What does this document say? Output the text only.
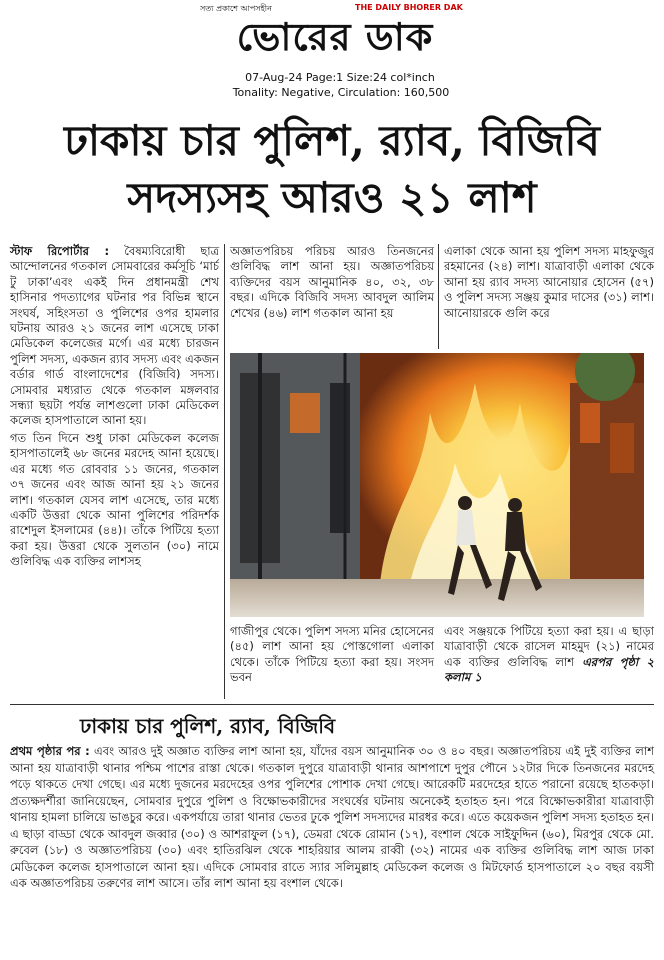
সত্য প্রকাশে আপসহীন	THE DAILY BHORER DAK
ভোরের ডাক
07-Aug-24 Page:1 Size:24 col*inch
Tonality: Negative, Circulation: 160,500
ঢাকায় চার পুলিশ, র‌্যাব, বিজিবি
সদস্যসহ আরও ২১ লাশ

স্টাফ রিপোর্টার : বৈষম্যবিরোধী ছাত্র আন্দোলনের গতকাল সোমবারের কর্মসূচি ‘মার্চ টু ঢাকা’এবং একই দিন প্রধানমন্ত্রী শেখ হাসিনার পদত্যাগের ঘটনার পর বিভিন্ন স্থানে সংঘর্ষ, সহিংসতা ও পুলিশের ওপর হামলার ঘটনায় আরও ২১ জনের লাশ এসেছে ঢাকা মেডিকেল কলেজের মর্গে। এর মধ্যে চারজন পুলিশ সদস্য, একজন র‌্যাব সদস্য এবং একজন বর্ডার গার্ড বাংলাদেশের (বিজিবি) সদস্য। সোমবার মধ্যরাত থেকে গতকাল মঙ্গলবার সন্ধ্যা ছয়টা পর্যন্ত লাশগুলো ঢাকা মেডিকেল কলেজ হাসপাতালে আনা হয়।

গত তিন দিনে শুধু ঢাকা মেডিকেল কলেজ হাসপাতালেই ৬৮ জনের মরদেহ আনা হয়েছে। এর মধ্যে গত রোববার ১১ জনের, গতকাল ৩৭ জনের এবং আজ আনা হয় ২১ জনের লাশ। গতকাল যেসব লাশ এসেছে, তার মধ্যে একটি উত্তরা থেকে আনা পুলিশের পরিদর্শক রাশেদুল ইসলামের (৪৪)। তাঁকে পিটিয়ে হত্যা করা হয়। উত্তরা থেকে সুলতান (৩০) নামে গুলিবিদ্ধ এক ব্যক্তির লাশসহ

অজ্ঞাতপরিচয় পরিচয় আরও তিনজনের গুলিবিদ্ধ লাশ আনা হয়। অজ্ঞাতপরিচয় ব্যক্তিদের বয়স আনুমানিক ৪০, ৩২, ৩৮ বছর। এদিকে বিজিবি সদস্য আবদুল আলিম শেখের (৪৬) লাশ গতকাল আনা হয়
এলাকা থেকে আনা হয় পুলিশ সদস্য মাহফুজুর রহমানের (২৪) লাশ। যাত্রাবাড়ী এলাকা থেকে আনা হয় র‌্যাব সদস্য আনোয়ার হোসেন (৫৭) ও পুলিশ সদস্য সঞ্জয় কুমার দাসের (৩১) লাশ। আনোয়ারকে গুলি করে
গাজীপুর থেকে। পুলিশ সদস্য মনির হোসেনের (৪৫) লাশ আনা হয় পোস্তগোলা এলাকা থেকে। তাঁকে পিটিয়ে হত্যা করা হয়। সংসদ ভবন
এবং সঞ্জয়কে পিটিয়ে হত্যা করা হয়। এ ছাড়া যাত্রাবাড়ী থেকে রাসেল মাহমুদ (২১) নামের এক ব্যক্তির গুলিবিদ্ধ লাশ এরপর পৃষ্ঠা ২ কলাম ১
ঢাকায় চার পুলিশ, র‌্যাব, বিজিবি
প্রথম পৃষ্ঠার পর : এবং আরও দুই অজ্ঞাত ব্যক্তির লাশ আনা হয়, যাঁদের বয়স আনুমানিক ৩০ ও ৪০ বছর। অজ্ঞাতপরিচয় এই দুই ব্যক্তির লাশ আনা হয় যাত্রাবাড়ী থানার পশ্চিম পাশের রাস্তা থেকে। গতকাল দুপুরে যাত্রাবাড়ী থানার আশপাশে দুপুর পৌনে ১২টার দিকে তিনজনের মরদেহ পড়ে থাকতে দেখা গেছে। এর মধ্যে দুজনের মরদেহের ওপর পুলিশের পোশাক দেখা গেছে। আরেকটি মরদেহের হাতে পরানো রয়েছে হাতকড়া। প্রত্যক্ষদর্শীরা জানিয়েছেন, সোমবার দুপুরে পুলিশ ও বিক্ষোভকারীদের সংঘর্ষের ঘটনায় অনেকেই হতাহত হন। পরে বিক্ষোভকারীরা যাত্রাবাড়ী থানায় হামলা চালিয়ে ভাঙচুর করে। একপর্যায়ে তারা থানার ভেতর ঢুকে পুলিশ সদস্যদের মারধর করে। এতে কয়েকজন পুলিশ সদস্য হতাহত হন। এ ছাড়া বাড্ডা থেকে আবদুল জব্বার (৩০) ও আশরাফুল (১৭), ডেমরা থেকে রোমান (১৭), বংশাল থেকে সাইফুদ্দিন (৬০), মিরপুর থেকে মো. রুবেল (১৮) ও অজ্ঞাতপরিচয় (৩০) এবং হাতিরঝিল থেকে শাহরিয়ার আলম রাব্বী (৩২) নামের এক ব্যক্তির গুলিবিদ্ধ লাশ আজ ঢাকা মেডিকেল কলেজ হাসপাতালে আনা হয়। এদিকে সোমবার রাতে স্যার সলিমুল্লাহ মেডিকেল কলেজ ও মিটফোর্ড হাসপাতালে ২০ বছর বয়সী এক অজ্ঞাতপরিচয় তরুণের লাশ আসে। তাঁর লাশ আনা হয় বংশাল থেকে।
